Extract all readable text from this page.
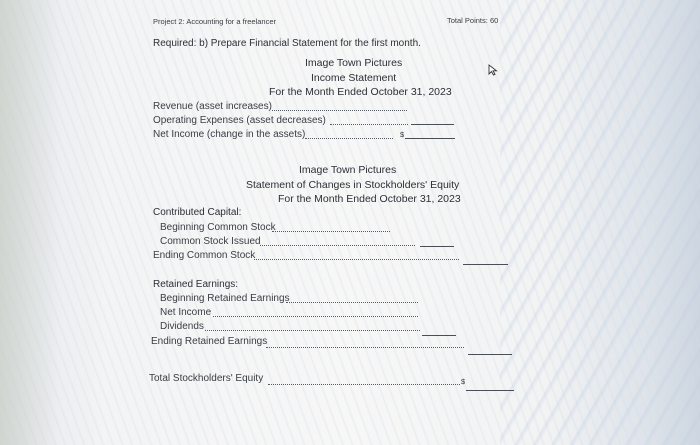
Project 2: Accounting for a freelancer	Total Points: 60
Required: b) Prepare Financial Statement for the first month.
Image Town Pictures
Income Statement
For the Month Ended October 31, 2023
Revenue (asset increases)
Operating Expenses (asset decreases)
Net Income (change in the assets)	$
Image Town Pictures
Statement of Changes in Stockholders' Equity
For the Month Ended October 31, 2023
Contributed Capital:
Beginning Common Stock
Common Stock Issued
Ending Common Stock
Retained Earnings:
Beginning Retained Earnings
Net Income
Dividends
Ending Retained Earnings
Total Stockholders' Equity	$
